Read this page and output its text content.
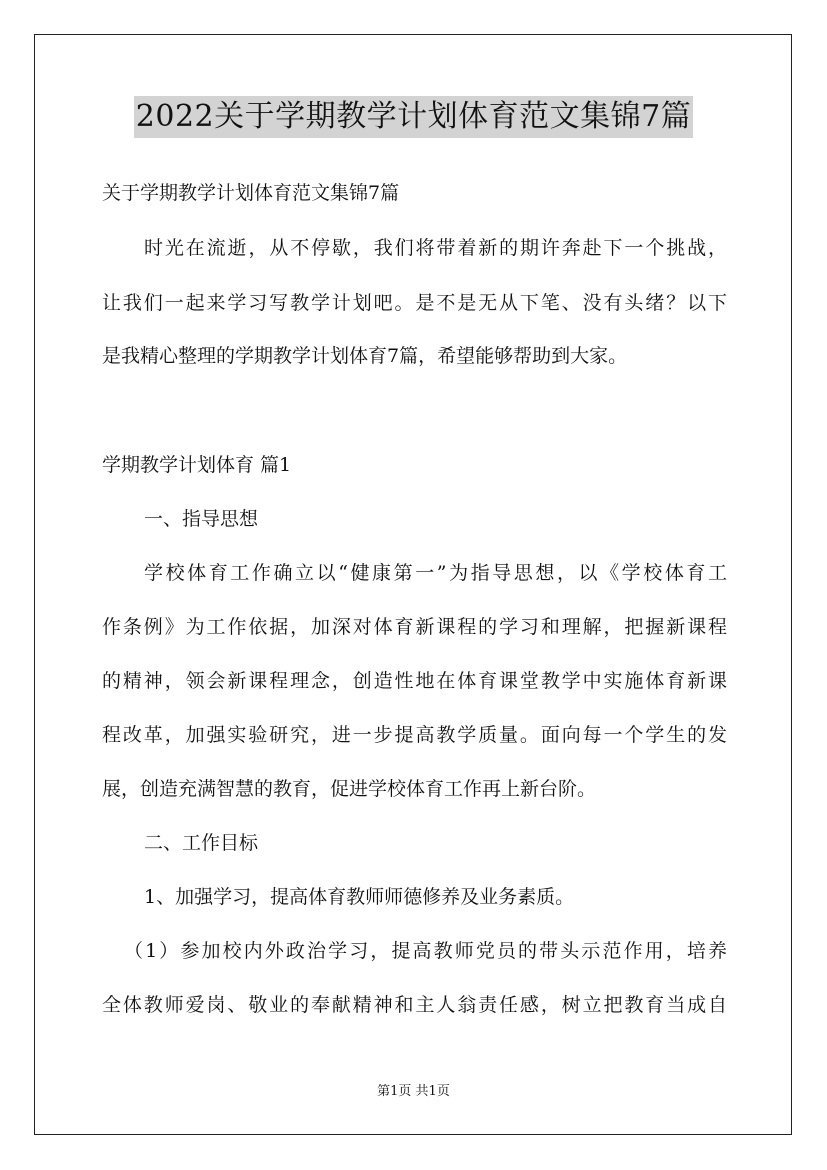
2022关于学期教学计划体育范文集锦7篇

关于学期教学计划体育范文集锦7篇

时光在流逝，从不停歇，我们将带着新的期许奔赴下一个挑战，

让我们一起来学习写教学计划吧。是不是无从下笔、没有头绪？以下

是我精心整理的学期教学计划体育7篇，希望能够帮助到大家。

学期教学计划体育 篇1

一、指导思想

学校体育工作确立以“健康第一”为指导思想，以《学校体育工

作条例》为工作依据，加深对体育新课程的学习和理解，把握新课程

的精神，领会新课程理念，创造性地在体育课堂教学中实施体育新课

程改革，加强实验研究，进一步提高教学质量。面向每一个学生的发

展，创造充满智慧的教育，促进学校体育工作再上新台阶。

二、工作目标

1、加强学习，提高体育教师师德修养及业务素质。

（1）参加校内外政治学习，提高教师党员的带头示范作用，培养

全体教师爱岗、敬业的奉献精神和主人翁责任感，树立把教育当成自

第1页 共1页
